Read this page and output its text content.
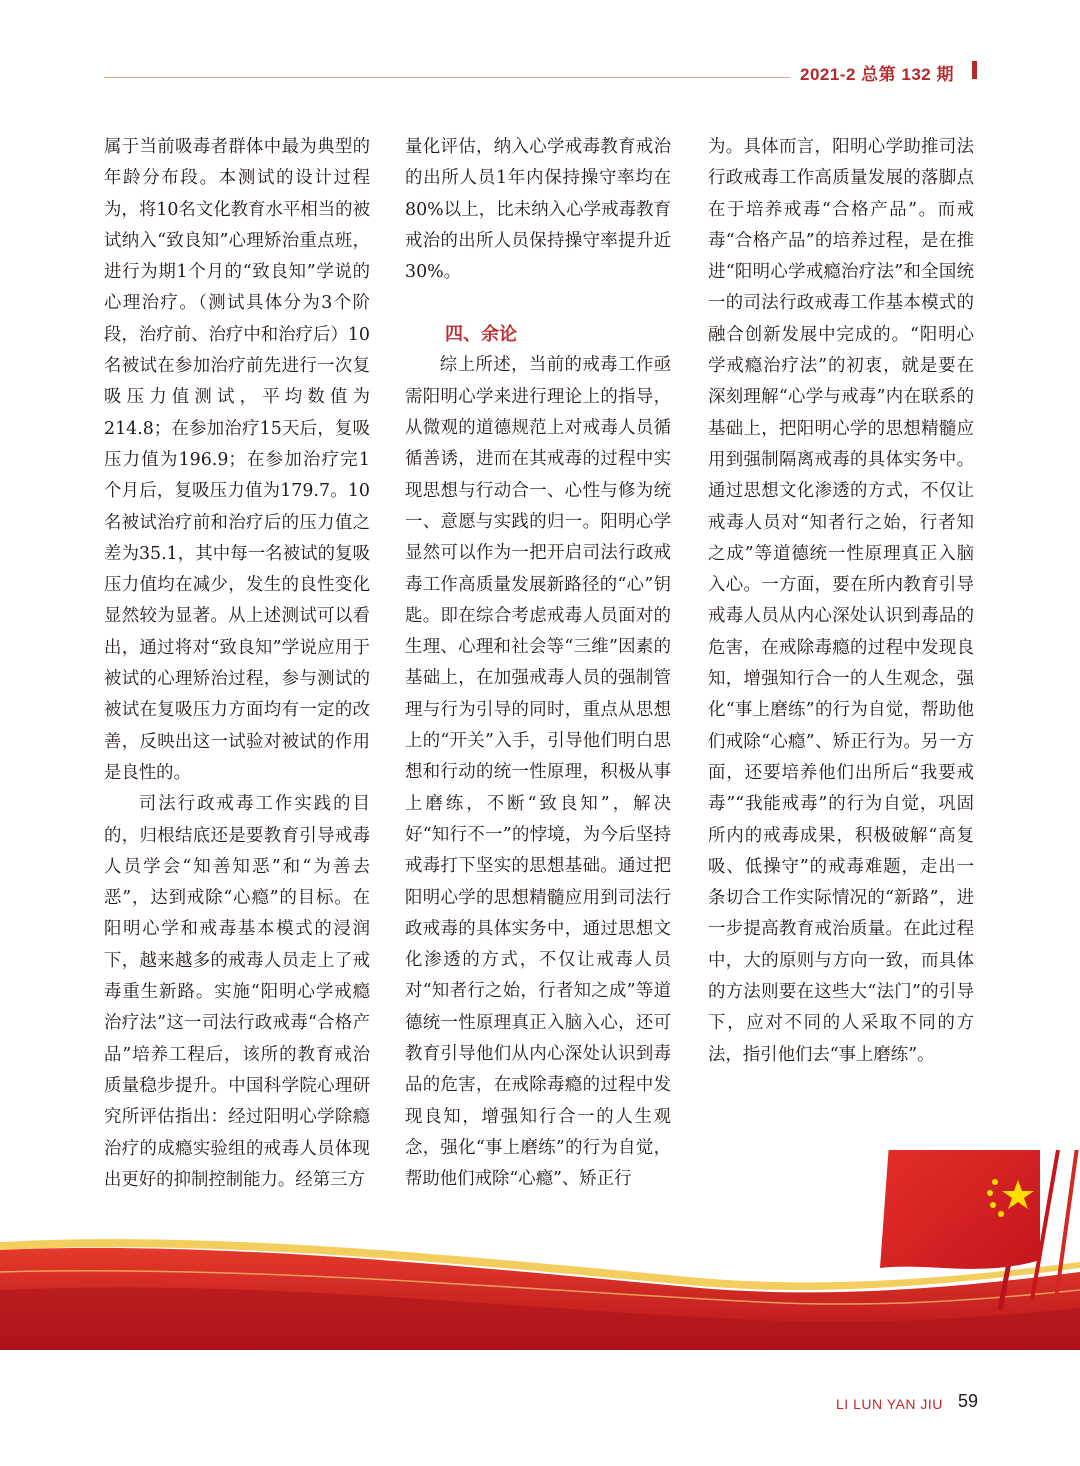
2021-2 总第 132 期

属于当前吸毒者群体中最为典型的年龄分布段。本测试的设计过程为，将10名文化教育水平相当的被试纳入“致良知”心理矫治重点班，进行为期1个月的“致良知”学说的心理治疗。（测试具体分为3个阶段，治疗前、治疗中和治疗后）10名被试在参加治疗前先进行一次复吸压力值测试，平均数值为214.8；在参加治疗15天后，复吸压力值为196.9；在参加治疗完1个月后，复吸压力值为179.7。10名被试治疗前和治疗后的压力值之差为35.1，其中每一名被试的复吸压力值均在减少，发生的良性变化显然较为显著。从上述测试可以看出，通过将对“致良知”学说应用于被试的心理矫治过程，参与测试的被试在复吸压力方面均有一定的改善，反映出这一试验对被试的作用是良性的。

司法行政戒毒工作实践的目的，归根结底还是要教育引导戒毒人员学会“知善知恶”和“为善去恶”，达到戒除“心瘾”的目标。在阳明心学和戒毒基本模式的浸润下，越来越多的戒毒人员走上了戒毒重生新路。实施“阳明心学戒瘾治疗法”这一司法行政戒毒“合格产品”培养工程后，该所的教育戒治质量稳步提升。中国科学院心理研究所评估指出：经过阳明心学除瘾治疗的成瘾实验组的戒毒人员体现出更好的抑制控制能力。经第三方

量化评估，纳入心学戒毒教育戒治的出所人员1年内保持操守率均在80%以上，比未纳入心学戒毒教育戒治的出所人员保持操守率提升近30%。

四、余论

综上所述，当前的戒毒工作亟需阳明心学来进行理论上的指导，从微观的道德规范上对戒毒人员循循善诱，进而在其戒毒的过程中实现思想与行动合一、心性与修为统一、意愿与实践的归一。阳明心学显然可以作为一把开启司法行政戒毒工作高质量发展新路径的“心”钥匙。即在综合考虑戒毒人员面对的生理、心理和社会等“三维”因素的基础上，在加强戒毒人员的强制管理与行为引导的同时，重点从思想上的“开关”入手，引导他们明白思想和行动的统一性原理，积极从事上磨练，不断“致良知”，解决好“知行不一”的悖境，为今后坚持戒毒打下坚实的思想基础。通过把阳明心学的思想精髓应用到司法行政戒毒的具体实务中，通过思想文化渗透的方式，不仅让戒毒人员对“知者行之始，行者知之成”等道德统一性原理真正入脑入心，还可教育引导他们从内心深处认识到毒品的危害，在戒除毒瘾的过程中发现良知，增强知行合一的人生观念，强化“事上磨练”的行为自觉，帮助他们戒除“心瘾”、矫正行

为。具体而言，阳明心学助推司法行政戒毒工作高质量发展的落脚点在于培养戒毒“合格产品”。而戒毒“合格产品”的培养过程，是在推进“阳明心学戒瘾治疗法”和全国统一的司法行政戒毒工作基本模式的融合创新发展中完成的。“阳明心学戒瘾治疗法”的初衷，就是要在深刻理解“心学与戒毒”内在联系的基础上，把阳明心学的思想精髓应用到强制隔离戒毒的具体实务中。通过思想文化渗透的方式，不仅让戒毒人员对“知者行之始，行者知之成”等道德统一性原理真正入脑入心。一方面，要在所内教育引导戒毒人员从内心深处认识到毒品的危害，在戒除毒瘾的过程中发现良知，增强知行合一的人生观念，强化“事上磨练”的行为自觉，帮助他们戒除“心瘾”、矫正行为。另一方面，还要培养他们出所后“我要戒毒”“我能戒毒”的行为自觉，巩固所内的戒毒成果，积极破解“高复吸、低操守”的戒毒难题，走出一条切合工作实际情况的“新路”，进一步提高教育戒治质量。在此过程中，大的原则与方向一致，而具体的方法则要在这些大“法门”的引导下，应对不同的人采取不同的方法，指引他们去“事上磨练”。

LI LUN YAN JIU 59
